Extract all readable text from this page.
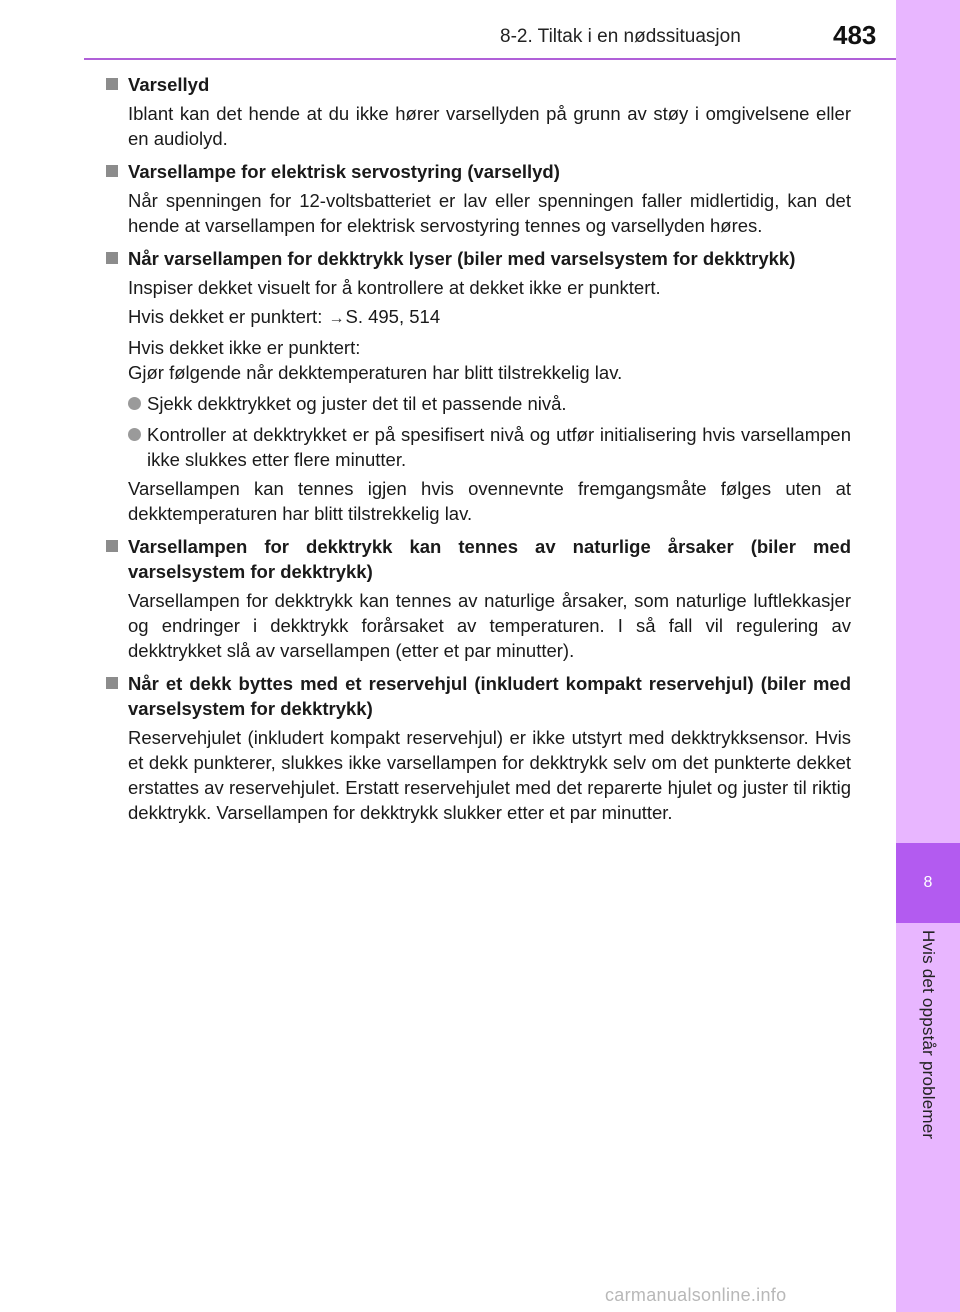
8-2. Tiltak i en nødssituasjon	483
8
Hvis det oppstår problemer
Varsellyd
Iblant kan det hende at du ikke hører varsellyden på grunn av støy i omgivelsene eller en audiolyd.
Varsellampe for elektrisk servostyring (varsellyd)
Når spenningen for 12-voltsbatteriet er lav eller spenningen faller midlertidig, kan det hende at varsellampen for elektrisk servostyring tennes og varsellyden høres.
Når varsellampen for dekktrykk lyser (biler med varselsystem for dekktrykk)
Inspiser dekket visuelt for å kontrollere at dekket ikke er punktert.
Hvis dekket er punktert: →S. 495, 514
Hvis dekket ikke er punktert:
Gjør følgende når dekktemperaturen har blitt tilstrekkelig lav.
Sjekk dekktrykket og juster det til et passende nivå.
Kontroller at dekktrykket er på spesifisert nivå og utfør initialisering hvis varsellampen ikke slukkes etter flere minutter.
Varsellampen kan tennes igjen hvis ovennevnte fremgangsmåte følges uten at dekktemperaturen har blitt tilstrekkelig lav.
Varsellampen for dekktrykk kan tennes av naturlige årsaker (biler med varselsystem for dekktrykk)
Varsellampen for dekktrykk kan tennes av naturlige årsaker, som naturlige luftlekkasjer og endringer i dekktrykk forårsaket av temperaturen. I så fall vil regulering av dekktrykket slå av varsellampen (etter et par minutter).
Når et dekk byttes med et reservehjul (inkludert kompakt reservehjul) (biler med varselsystem for dekktrykk)
Reservehjulet (inkludert kompakt reservehjul) er ikke utstyrt med dekktrykksensor. Hvis et dekk punkterer, slukkes ikke varsellampen for dekktrykk selv om det punkterte dekket erstattes av reservehjulet. Erstatt reservehjulet med det reparerte hjulet og juster til riktig dekktrykk. Varsellampen for dekktrykk slukker etter et par minutter.
carmanualsonline.info
